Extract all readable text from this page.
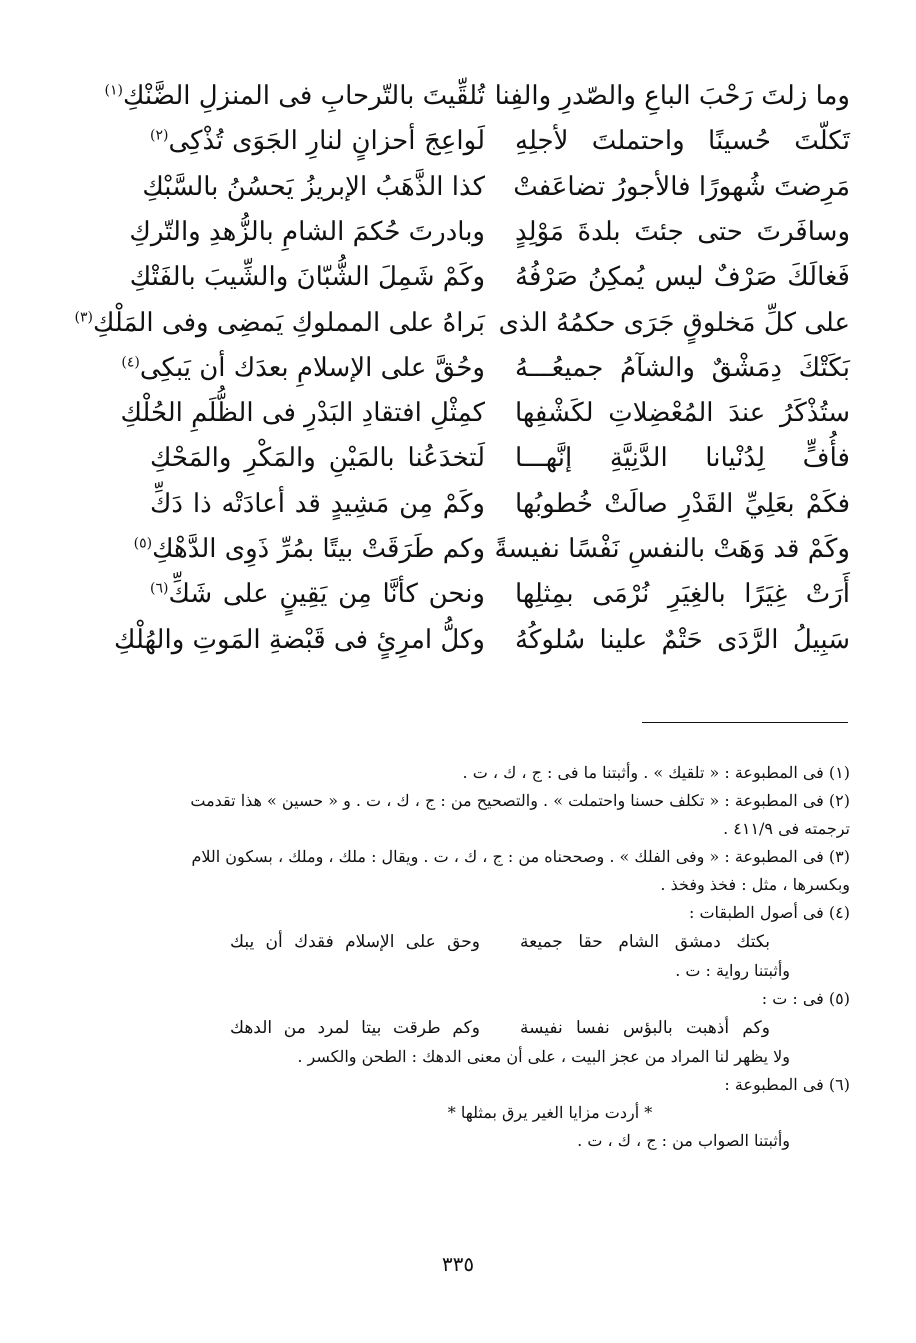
وما زلتَ رَحْبَ الباعِ والصّدرِ والفِنا
تُلقِّيتَ بالتّرحابِ فى المنزلِ الضَّنْكِ$^{(١)}$
تَكلّتَ حُسينًا واحتملتَ لأجلِهِ
لَواعِجَ أحزانٍ لنارِ الجَوَى تُذْكِى$^{(٢)}$
مَرِضتَ شُهورًا فالأجورُ تضاعَفتْ
كذا الذَّهَبُ الإبريزُ يَحسُنُ بالسَّبْكِ
وسافَرتَ حتى جئتَ بلدةَ مَوْلِدٍ
وبادرتَ حُكمَ الشامِ بالزُّهدِ والتّركِ
فَغالَكَ صَرْفٌ ليس يُمكِنُ صَرْفُهُ
وكَمْ شَمِلَ الشُّبّانَ والشِّيبَ بالفَتْكِ
على كلِّ مَخلوقٍ جَرَى حكمُهُ الذى
بَراهُ على المملوكِ يَمضِى وفى المَلْكِ$^{(٣)}$
بَكَتْكَ دِمَشْقٌ والشآمُ جميعُـــهُ
وحُقَّ على الإسلامِ بعدَك أن يَبكِى$^{(٤)}$
ستُذْكَرُ عندَ المُعْضِلاتِ لكَشْفِها
كمِثْلِ افتقادِ البَدْرِ فى الظُّلَمِ الحُلْكِ
فأُفٍّ لِدُنْيانا الدَّنِيَّةِ إنَّهـــا
لَتخدَعُنا بالمَيْنِ والمَكْرِ والمَحْكِ
فكَمْ بعَلِيِّ القَدْرِ صالَتْ خُطوبُها
وكَمْ مِن مَشِيدٍ قد أعادَتْه ذا دَكِّ
وكَمْ قد وَهَتْ بالنفسِ نَفْسًا نفيسةً
وكم طَرَقَتْ بيتًا بمُرِّ ذَوِى الدَّهْكِ$^{(٥)}$
أَرَتْ غِيَرًا بالغِيَرِ نُرْمَى بمِثلِها
ونحن كأنَّا مِن يَقِينٍ على شَكِّ$^{(٦)}$
سَبِيلُ الرَّدَى حَتْمٌ علينا سُلوكُهُ
وكلُّ امرِئٍ فى قَبْضةِ المَوتِ والهُلْكِ
(١) فى المطبوعة : « تلقيك » . وأثبتنا ما فى : ج ، ك ، ت .
(٢) فى المطبوعة : « تكلف حسنا واحتملت » . والتصحيح من : ج ، ك ، ت . و « حسين » هذا تقدمت
ترجمته فى ٤١١/٩ .
(٣) فى المطبوعة : « وفى الفلك » . وصححناه من : ج ، ك ، ت . ويقال : ملك ، وملك ، بسكون اللام
وبكسرها ، مثل : فخذ وفخذ .
(٤) فى أصول الطبقات :
بكتك دمشق الشام حقا جميعة
وحق على الإسلام فقدك أن يبك
وأثبتنا رواية : ت .
(٥) فى : ت :
وكم أذهبت بالبؤس نفسا نفيسة
وكم طرقت بيتا لمرد من الدهك
ولا يظهر لنا المراد من عجز البيت ، على أن معنى الدهك : الطحن والكسر .
(٦) فى المطبوعة :
* أردت مزايا الغير يرق بمثلها *
وأثبتنا الصواب من : ج ، ك ، ت .
٣٣٥
